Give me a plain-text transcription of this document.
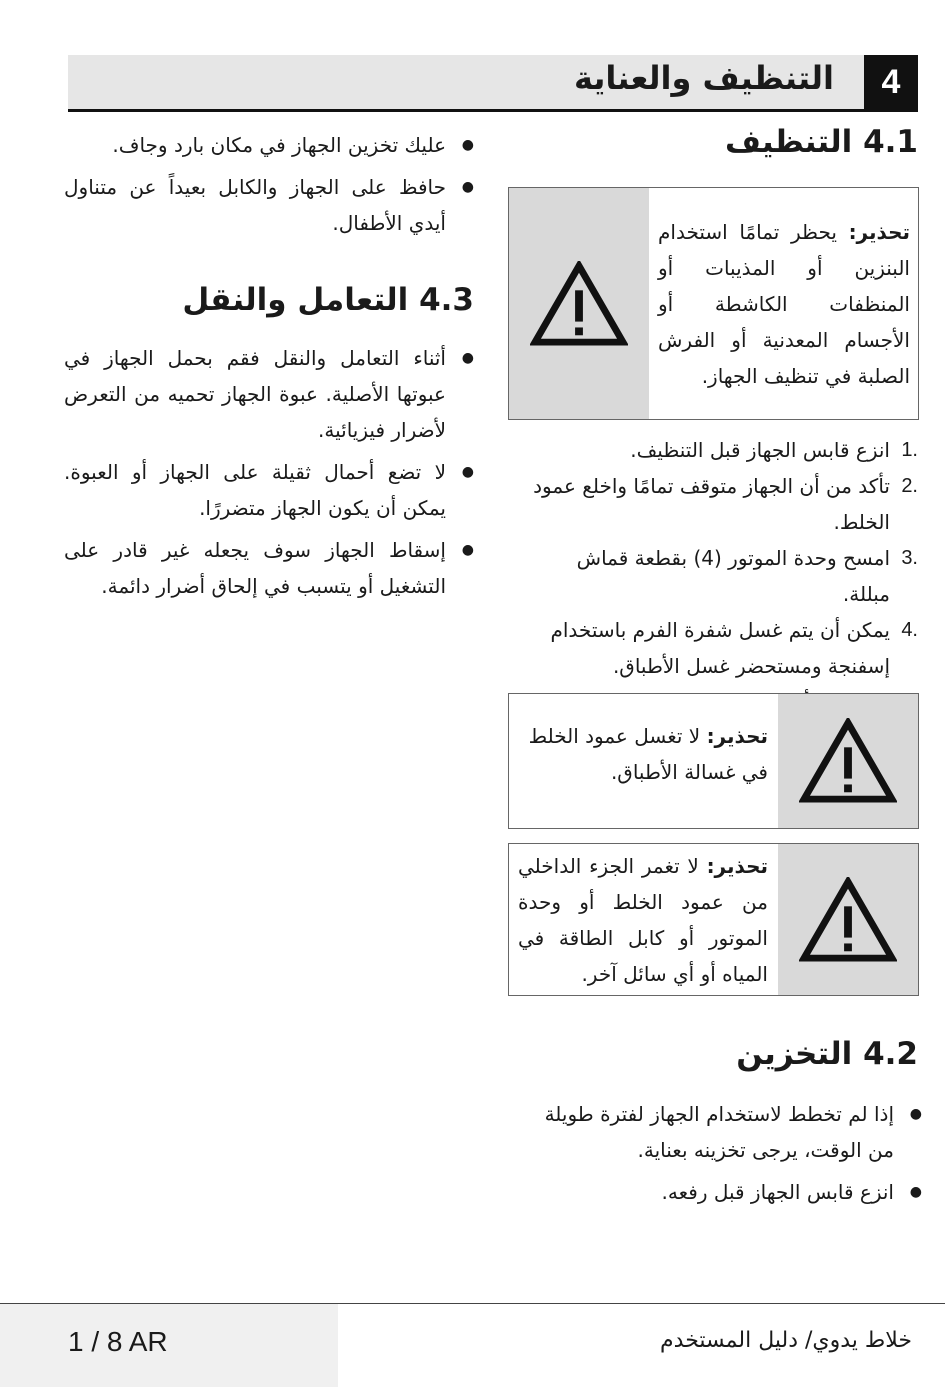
4
التنظيف والعناية
4.1 التنظيف
تحذير: يحظر تمامًا استخدام البنزين أو المذيبات أو المنظفات الكاشطة أو الأجسام المعدنية أو الفرش الصلبة في تنظيف الجهاز.
1.
انزع قابس الجهاز قبل التنظيف.
2.
تأكد من أن الجهاز متوقف تمامًا واخلع عمود الخلط.
3.
امسح وحدة الموتور (4) بقطعة قماش مبللة.
4.
يمكن أن يتم غسل شفرة الفرم باستخدام إسفنجة ومستحضر غسل الأطباق.
تحذير: لا تغسل عمود الخلط في غسالة الأطباق.
تحذير: لا تغمر الجزء الداخلي من عمود الخلط أو وحدة الموتور أو كابل الطاقة في المياه أو أي سائل آخر.
4.2 التخزين
● إذا لم تخطط لاستخدام الجهاز لفترة طويلة من الوقت، يرجى تخزينه بعناية.
● انزع قابس الجهاز قبل رفعه.
● عليك تخزين الجهاز في مكان بارد وجاف.
● حافظ على الجهاز والكابل بعيداً عن متناول أيدي الأطفال.
4.3 التعامل والنقل
● أثناء التعامل والنقل فقم بحمل الجهاز في عبوتها الأصلية. عبوة الجهاز تحميه من التعرض لأضرار فيزيائية.
● لا تضع أحمال ثقيلة على الجهاز أو العبوة. يمكن أن يكون الجهاز متضررًا.
● إسقاط الجهاز سوف يجعله غير قادر على التشغيل أو يتسبب في إلحاق أضرار دائمة.
1 / 8 AR	خلاط يدوي/ دليل المستخدم
